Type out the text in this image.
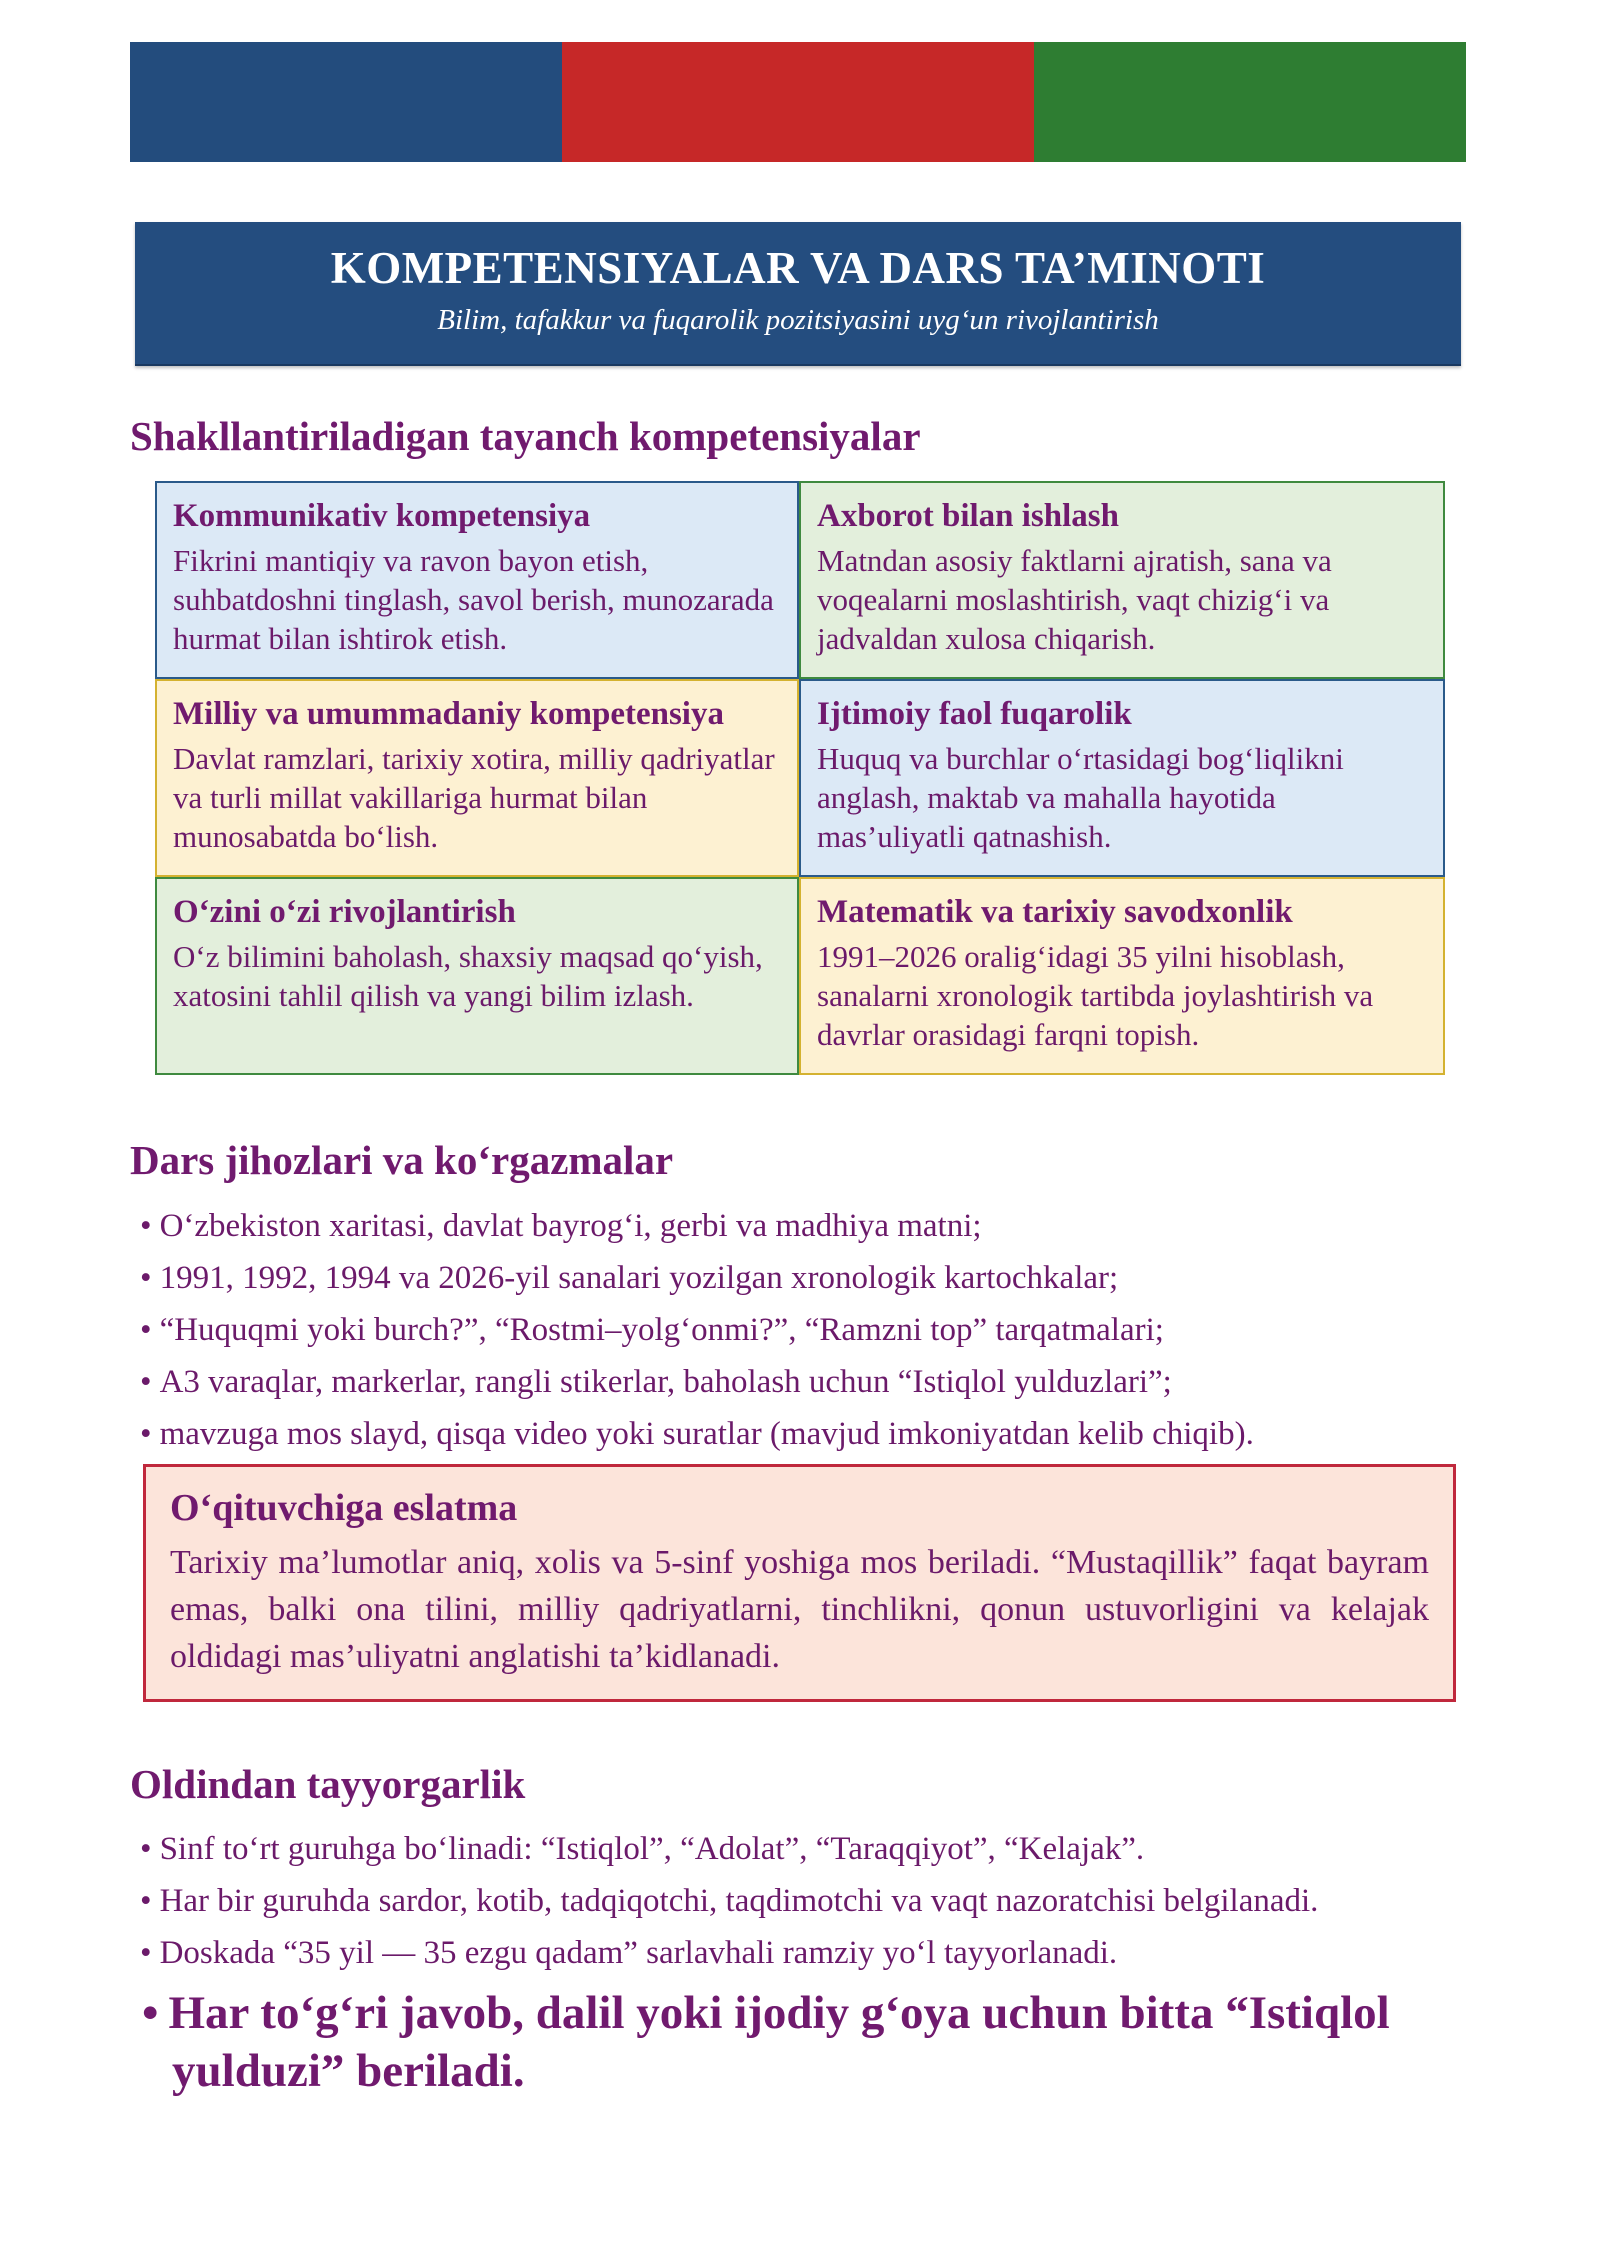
KOMPETENSIYALAR VA DARS TA’MINOTI
Bilim, tafakkur va fuqarolik pozitsiyasini uyg‘un rivojlantirish
Shakllantiriladigan tayanch kompetensiyalar
Kommunikativ kompetensiya
Fikrini mantiqiy va ravon bayon etish, suhbatdoshni tinglash, savol berish, munozarada hurmat bilan ishtirok etish.
Axborot bilan ishlash
Matndan asosiy faktlarni ajratish, sana va voqealarni moslashtirish, vaqt chizig‘i va jadvaldan xulosa chiqarish.
Milliy va umummadaniy kompetensiya
Davlat ramzlari, tarixiy xotira, milliy qadriyatlar va turli millat vakillariga hurmat bilan munosabatda bo‘lish.
Ijtimoiy faol fuqarolik
Huquq va burchlar o‘rtasidagi bog‘liqlikni anglash, maktab va mahalla hayotida mas’uliyatli qatnashish.
O‘zini o‘zi rivojlantirish
O‘z bilimini baholash, shaxsiy maqsad qo‘yish, xatosini tahlil qilish va yangi bilim izlash.
Matematik va tarixiy savodxonlik
1991–2026 oralig‘idagi 35 yilni hisoblash, sanalarni xronologik tartibda joylashtirish va davrlar orasidagi farqni topish.
Dars jihozlari va ko‘rgazmalar
• O‘zbekiston xaritasi, davlat bayrog‘i, gerbi va madhiya matni;
• 1991, 1992, 1994 va 2026-yil sanalari yozilgan xronologik kartochkalar;
• “Huquqmi yoki burch?”, “Rostmi–yolg‘onmi?”, “Ramzni top” tarqatmalari;
• A3 varaqlar, markerlar, rangli stikerlar, baholash uchun “Istiqlol yulduzlari”;
• mavzuga mos slayd, qisqa video yoki suratlar (mavjud imkoniyatdan kelib chiqib).
O‘qituvchiga eslatma
Tarixiy ma’lumotlar aniq, xolis va 5-sinf yoshiga mos beriladi. “Mustaqillik” faqat bayram emas, balki ona tilini, milliy qadriyatlarni, tinchlikni, qonun ustuvorligini va kelajak oldidagi mas’uliyatni anglatishi ta’kidlanadi.
Oldindan tayyorgarlik
• Sinf to‘rt guruhga bo‘linadi: “Istiqlol”, “Adolat”, “Taraqqiyot”, “Kelajak”.
• Har bir guruhda sardor, kotib, tadqiqotchi, taqdimotchi va vaqt nazoratchisi belgilanadi.
• Doskada “35 yil — 35 ezgu qadam” sarlavhali ramziy yo‘l tayyorlanadi.
• Har to‘g‘ri javob, dalil yoki ijodiy g‘oya uchun bitta “Istiqlol yulduzi” beriladi.
